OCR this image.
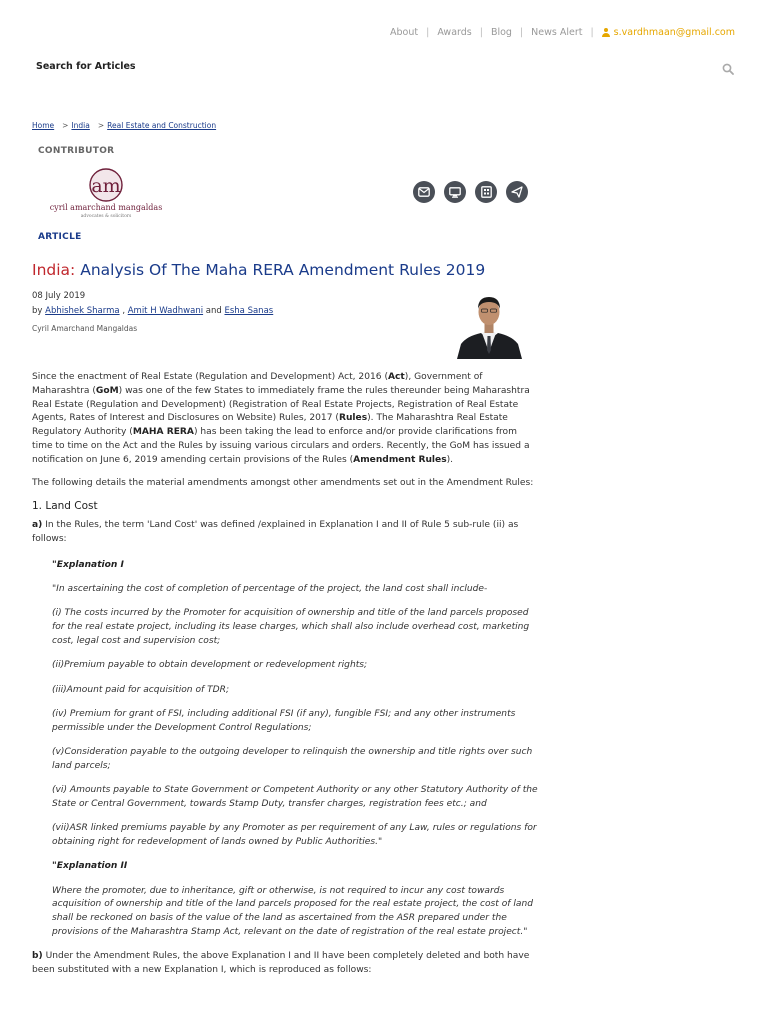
About | Awards | Blog | News Alert | s.vardhmaan@gmail.com
Search for Articles
Home > India > Real Estate and Construction
CONTRIBUTOR
am
cyril amarchand mangaldas
advocates & solicitors
ARTICLE
India: Analysis Of The Maha RERA Amendment Rules 2019
08 July 2019
by Abhishek Sharma , Amit H Wadhwani and Esha Sanas
Cyril Amarchand Mangaldas

Since the enactment of Real Estate (Regulation and Development) Act, 2016 (Act), Government of Maharashtra (GoM) was one of the few States to immediately frame the rules thereunder being Maharashtra Real Estate (Regulation and Development) (Registration of Real Estate Projects, Registration of Real Estate Agents, Rates of Interest and Disclosures on Website) Rules, 2017 (Rules). The Maharashtra Real Estate Regulatory Authority (MAHA RERA) has been taking the lead to enforce and/or provide clarifications from time to time on the Act and the Rules by issuing various circulars and orders. Recently, the GoM has issued a notification on June 6, 2019 amending certain provisions of the Rules (Amendment Rules).

The following details the material amendments amongst other amendments set out in the Amendment Rules:

1. Land Cost

a) In the Rules, the term 'Land Cost' was defined /explained in Explanation I and II of Rule 5 sub-rule (ii) as follows:

"Explanation I

"In ascertaining the cost of completion of percentage of the project, the land cost shall include-

(i) The costs incurred by the Promoter for acquisition of ownership and title of the land parcels proposed for the real estate project, including its lease charges, which shall also include overhead cost, marketing cost, legal cost and supervision cost;

(ii)Premium payable to obtain development or redevelopment rights;

(iii)Amount paid for acquisition of TDR;

(iv) Premium for grant of FSI, including additional FSI (if any), fungible FSI; and any other instruments permissible under the Development Control Regulations;

(v)Consideration payable to the outgoing developer to relinquish the ownership and title rights over such land parcels;

(vi) Amounts payable to State Government or Competent Authority or any other Statutory Authority of the State or Central Government, towards Stamp Duty, transfer charges, registration fees etc.; and

(vii)ASR linked premiums payable by any Promoter as per requirement of any Law, rules or regulations for obtaining right for redevelopment of lands owned by Public Authorities."

"Explanation II

Where the promoter, due to inheritance, gift or otherwise, is not required to incur any cost towards acquisition of ownership and title of the land parcels proposed for the real estate project, the cost of land shall be reckoned on basis of the value of the land as ascertained from the ASR prepared under the provisions of the Maharashtra Stamp Act, relevant on the date of registration of the real estate project."

b) Under the Amendment Rules, the above Explanation I and II have been completely deleted and both have been substituted with a new Explanation I, which is reproduced as follows:
